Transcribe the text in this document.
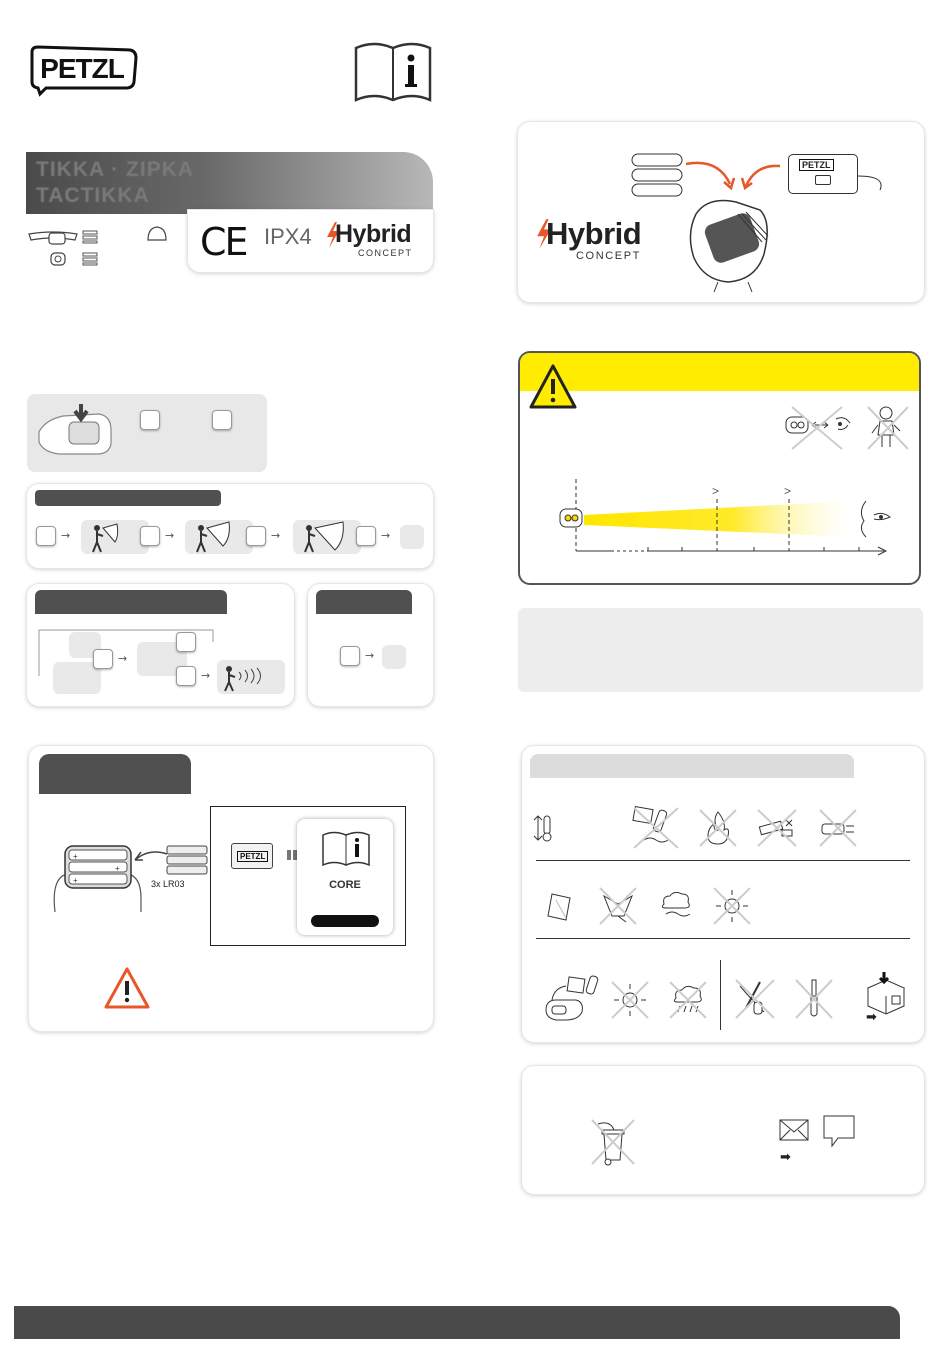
PETZL
TIKKA · ZIPKA
TACTIKKA
CE IPX4 Hybrid
CONCEPT
→	→	→	→
→
→
→
+
+
+	3x LR03
PETZL
CORE
Hybrid
CONCEPT
PETZL
>	>
➡
➡
